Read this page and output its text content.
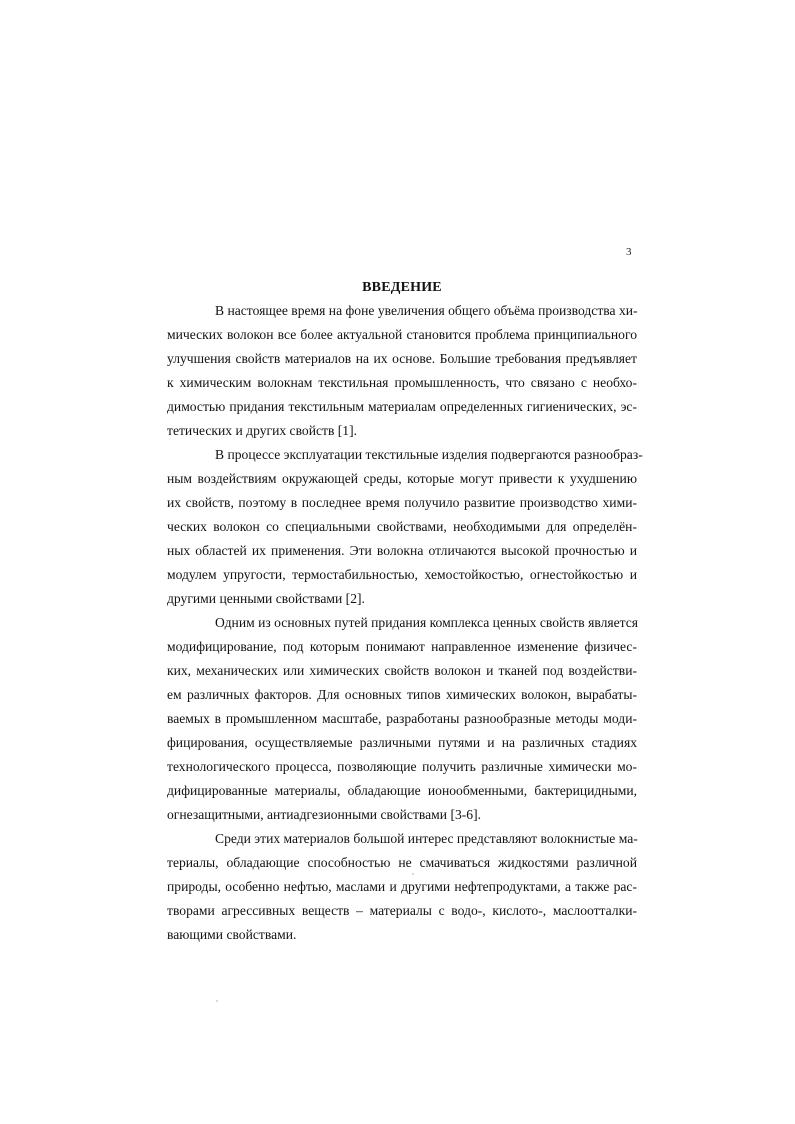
3
ВВЕДЕНИЕ
В настоящее время на фоне увеличения общего объёма производства хи-
мических волокон все более актуальной становится проблема принципиального
улучшения свойств материалов на их основе. Большие требования предъявляет
к химическим волокнам текстильная промышленность, что связано с необхо-
димостью придания текстильным материалам определенных гигиенических, эс-
тетических и других свойств [1].
В процессе эксплуатации текстильные изделия подвергаются разнообраз-
ным воздействиям окружающей среды, которые могут привести к ухудшению
их свойств, поэтому в последнее время получило развитие производство хими-
ческих волокон со специальными свойствами, необходимыми для определён-
ных областей их применения. Эти волокна отличаются высокой прочностью и
модулем упругости, термостабильностью, хемостойкостью, огнестойкостью и
другими ценными свойствами [2].
Одним из основных путей придания комплекса ценных свойств является
модифицирование, под которым понимают направленное изменение физичес-
ких, механических или химических свойств волокон и тканей под воздействи-
ем различных факторов. Для основных типов химических волокон, вырабаты-
ваемых в промышленном масштабе, разработаны разнообразные методы моди-
фицирования, осуществляемые различными путями и на различных стадиях
технологического процесса, позволяющие получить различные химически мо-
дифицированные материалы, обладающие ионообменными, бактерицидными,
огнезащитными, антиадгезионными свойствами [3-6].
Среди этих материалов большой интерес представляют волокнистые ма-
териалы, обладающие способностью не смачиваться жидкостями различной
природы, особенно нефтью, маслами и другими нефтепродуктами, а также рас-
творами агрессивных веществ – материалы с водо-, кислото-, маслоотталки-
вающими свойствами.
